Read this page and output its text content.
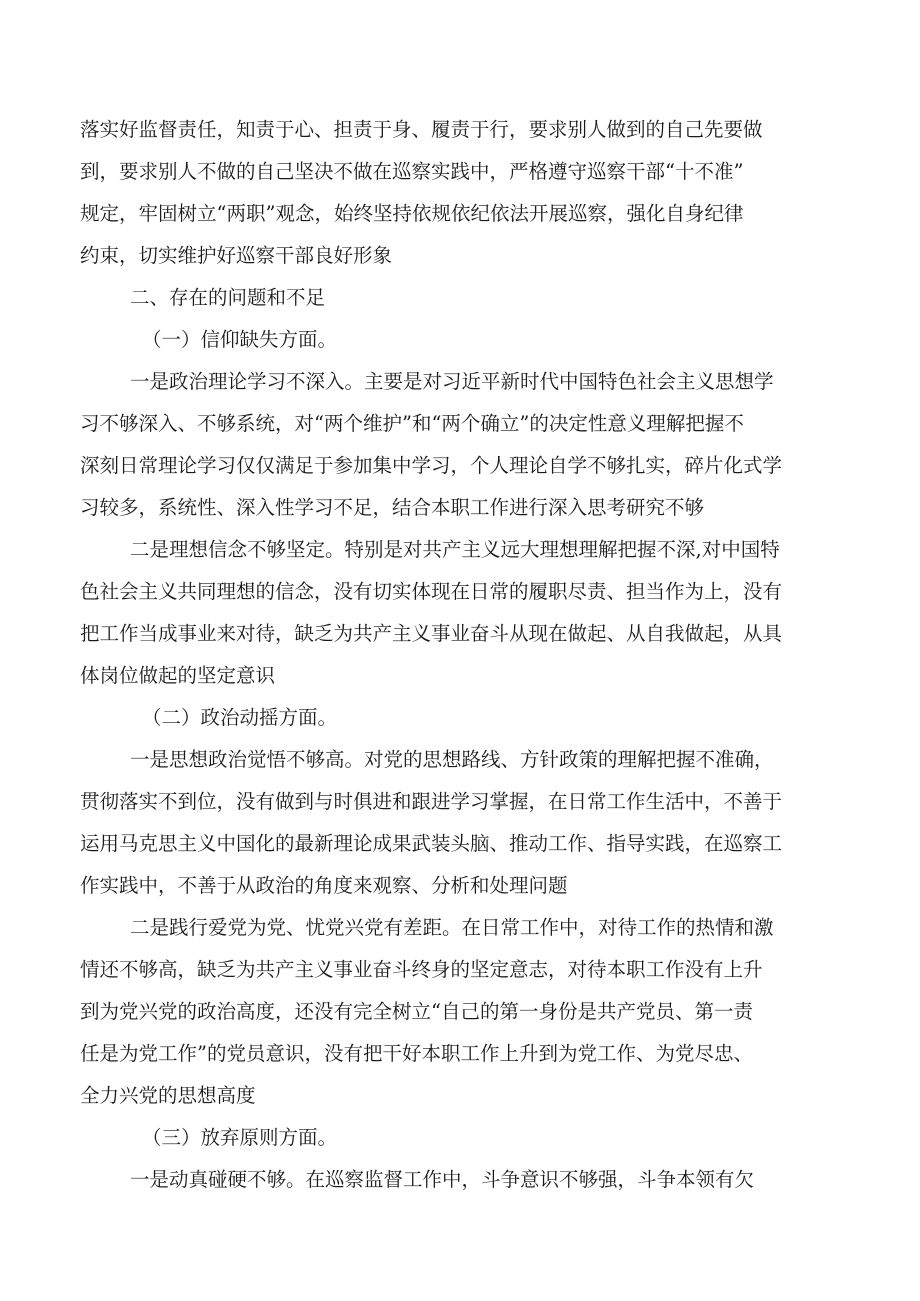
落实好监督责任，知责于心、担责于身、履责于行，要求别人做到的自己先要做
到，要求别人不做的自己坚决不做在巡察实践中，严格遵守巡察干部“十不准”
规定，牢固树立“两职”观念，始终坚持依规依纪依法开展巡察，强化自身纪律
约束，切实维护好巡察干部良好形象
二、存在的问题和不足
（一）信仰缺失方面。
一是政治理论学习不深入。主要是对习近平新时代中国特色社会主义思想学
习不够深入、不够系统，对“两个维护”和“两个确立”的决定性意义理解把握不
深刻日常理论学习仅仅满足于参加集中学习，个人理论自学不够扎实，碎片化式学
习较多，系统性、深入性学习不足，结合本职工作进行深入思考研究不够
二是理想信念不够坚定。特别是对共产主义远大理想理解把握不深,对中国特
色社会主义共同理想的信念，没有切实体现在日常的履职尽责、担当作为上，没有
把工作当成事业来对待，缺乏为共产主义事业奋斗从现在做起、从自我做起，从具
体岗位做起的坚定意识
（二）政治动摇方面。
一是思想政治觉悟不够高。对党的思想路线、方针政策的理解把握不准确，
贯彻落实不到位，没有做到与时俱进和跟进学习掌握，在日常工作生活中，不善于
运用马克思主义中国化的最新理论成果武装头脑、推动工作、指导实践，在巡察工
作实践中，不善于从政治的角度来观察、分析和处理问题
二是践行爱党为党、忧党兴党有差距。在日常工作中，对待工作的热情和激
情还不够高，缺乏为共产主义事业奋斗终身的坚定意志，对待本职工作没有上升
到为党兴党的政治高度，还没有完全树立“自己的第一身份是共产党员、第一责
任是为党工作”的党员意识，没有把干好本职工作上升到为党工作、为党尽忠、
全力兴党的思想高度
（三）放弃原则方面。
一是动真碰硬不够。在巡察监督工作中，斗争意识不够强，斗争本领有欠
